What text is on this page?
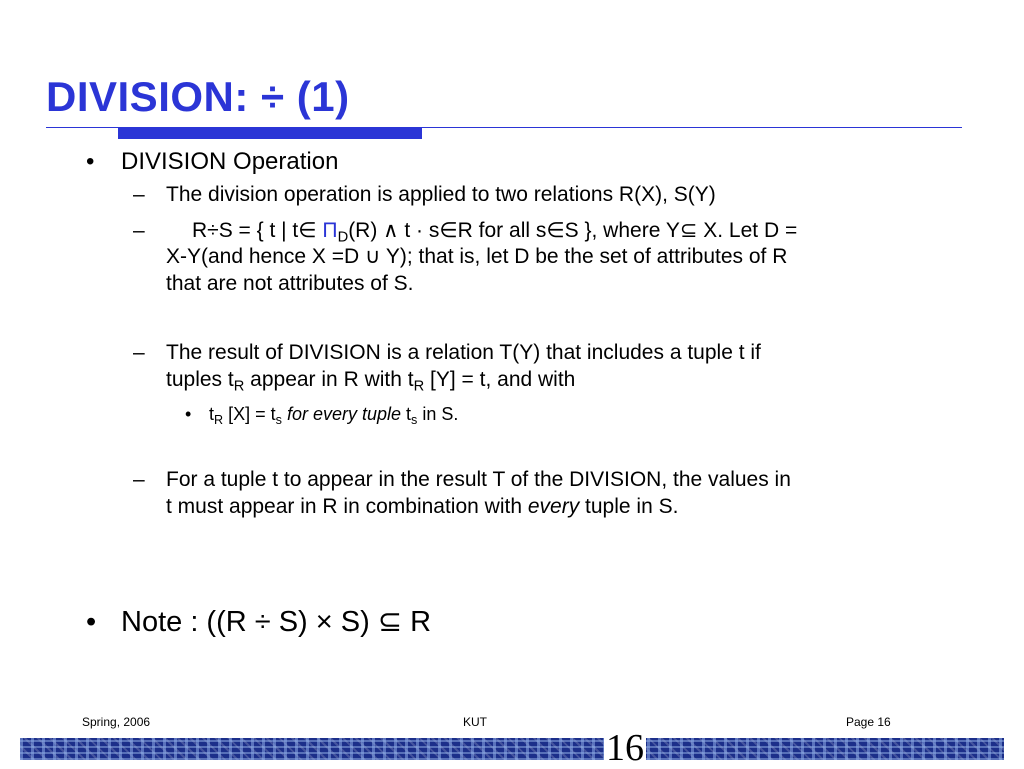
DIVISION: ÷ (1)
• DIVISION Operation
– The division operation is applied to two relations R(X), S(Y)
– R÷S = { t | t∈ $\Pi_D(R)$ ∧ t · s∈R for all s∈S }, where Y⊆ X. Let D =
X-Y(and hence X =D ∪ Y); that is, let D be the set of attributes of R
that are not attributes of S.
– The result of DIVISION is a relation T(Y) that includes a tuple t if
tuples $t_R$ appear in R with $t_R$ [Y] = t, and with
• $t_R$ $[X] = t_s$ for every tuple $t_s$ in S.
– For a tuple t to appear in the result T of the DIVISION, the values in
t must appear in R in combination with every tuple in S.
• Note : ((R ÷ S) × S) ⊆ R
Spring, 2006	KUT	Page 16
16
